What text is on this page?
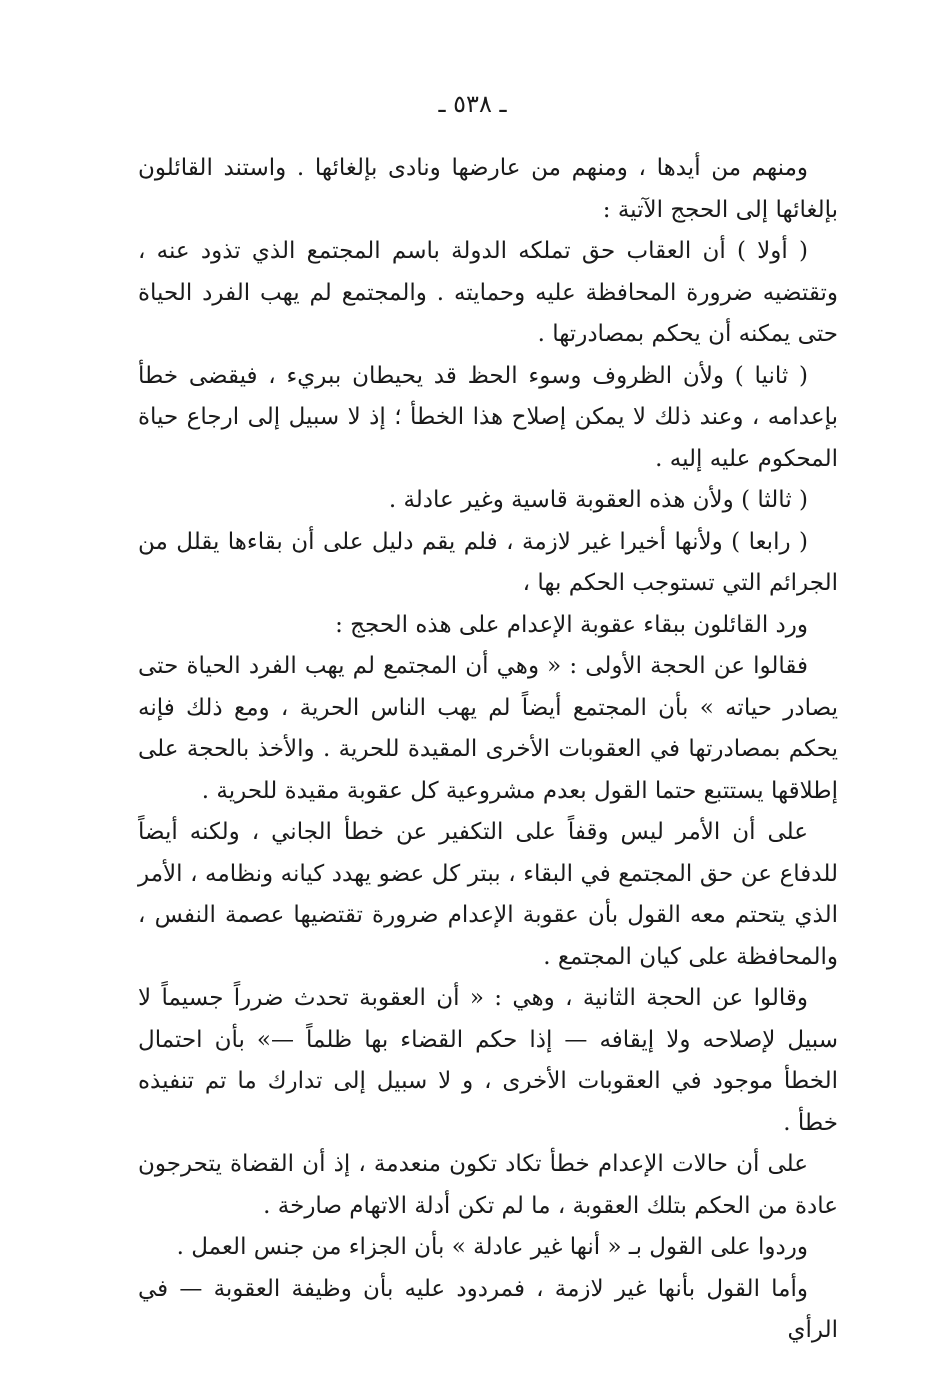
ـ ٥٣٨ ـ

ومنهم من أيدها ، ومنهم من عارضها ونادى بإلغائها . واستند القائلون بإلغائها إلى الحجج الآتية :

( أولا ) أن العقاب حق تملكه الدولة باسم المجتمع الذي تذود عنه ، وتقتضيه ضرورة المحافظة عليه وحمايته . والمجتمع لم يهب الفرد الحياة حتى يمكنه أن يحكم بمصادرتها .

( ثانيا ) ولأن الظروف وسوء الحظ قد يحيطان ببريء ، فيقضى خطأ بإعدامه ، وعند ذلك لا يمكن إصلاح هذا الخطأ ؛ إذ لا سبيل إلى ارجاع حياة المحكوم عليه إليه .

( ثالثا ) ولأن هذه العقوبة قاسية وغير عادلة .

( رابعا ) ولأنها أخيرا غير لازمة ، فلم يقم دليل على أن بقاءها يقلل من الجرائم التي تستوجب الحكم بها ،

ورد القائلون ببقاء عقوبة الإعدام على هذه الحجج :

فقالوا عن الحجة الأولى : « وهي أن المجتمع لم يهب الفرد الحياة حتى يصادر حياته » بأن المجتمع أيضاً لم يهب الناس الحرية ، ومع ذلك فإنه يحكم بمصادرتها في العقوبات الأخرى المقيدة للحرية . والأخذ بالحجة على إطلاقها يستتبع حتما القول بعدم مشروعية كل عقوبة مقيدة للحرية .

على أن الأمر ليس وقفاً على التكفير عن خطأ الجاني ، ولكنه أيضاً للدفاع عن حق المجتمع في البقاء ، ببتر كل عضو يهدد كيانه ونظامه ، الأمر الذي يتحتم معه القول بأن عقوبة الإعدام ضرورة تقتضيها عصمة النفس ، والمحافظة على كيان المجتمع .

وقالوا عن الحجة الثانية ، وهي : « أن العقوبة تحدث ضرراً جسيماً لا سبيل لإصلاحه ولا إيقافه — إذا حكم القضاء بها ظلماً —» بأن احتمال الخطأ موجود في العقوبات الأخرى ، و لا سبيل إلى تدارك ما تم تنفيذه خطأ .

على أن حالات الإعدام خطأ تكاد تكون منعدمة ، إذ أن القضاة يتحرجون عادة من الحكم بتلك العقوبة ، ما لم تكن أدلة الاتهام صارخة .

وردوا على القول بـ « أنها غير عادلة » بأن الجزاء من جنس العمل .

وأما القول بأنها غير لازمة ، فمردود عليه بأن وظيفة العقوبة — في الرأي
